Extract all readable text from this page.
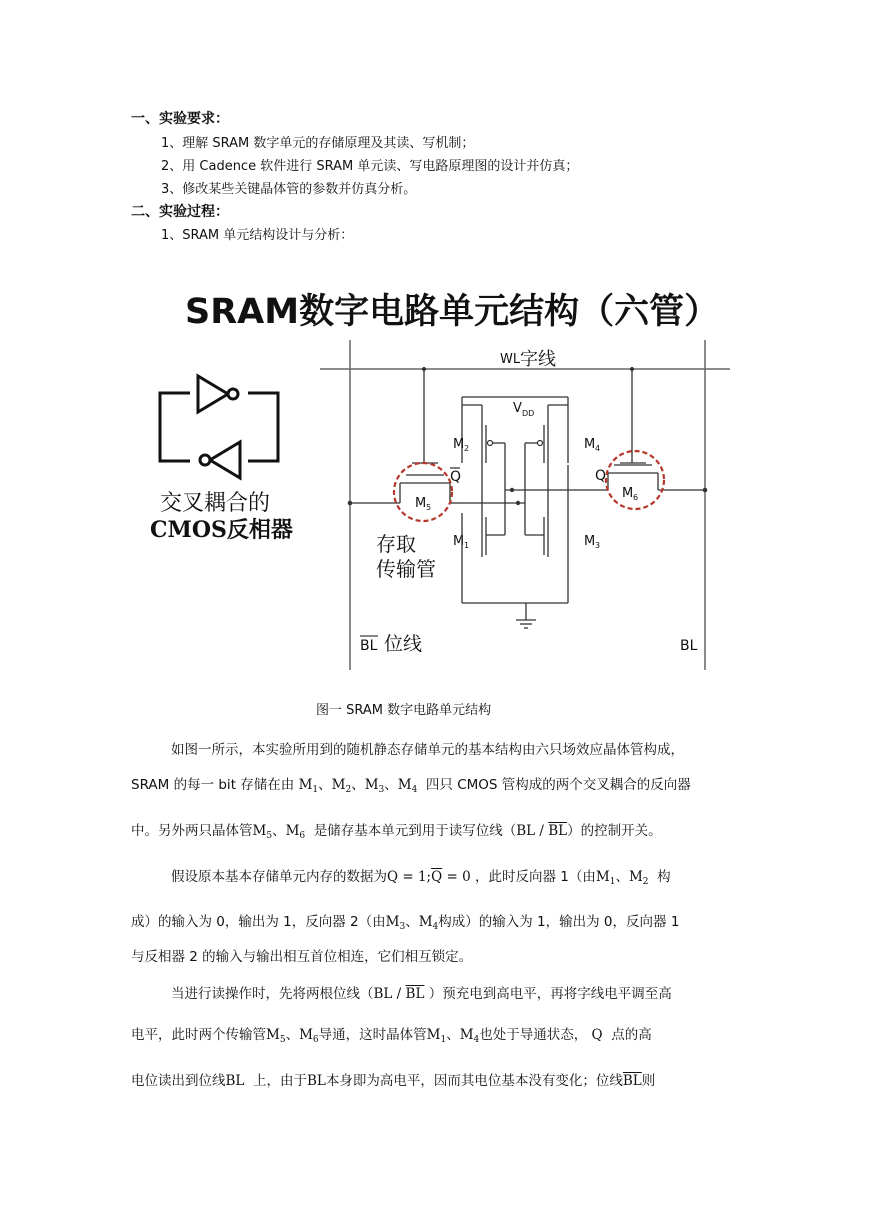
一、实验要求：
1、理解 SRAM 数字单元的存储原理及其读、写机制；
2、用 Cadence 软件进行 SRAM 单元读、写电路原理图的设计并仿真；
3、修改某些关键晶体管的参数并仿真分析。
二、实验过程：
1、SRAM 单元结构设计与分析：
SRAM数字电路单元结构（六管）
WL 字线
V DD
M 2
M 1
M 4
M 3
M 5
Q
M 6
Q
交叉耦合的
CMOS反相器
存取
传输管
BL 位线	BL
图一 SRAM 数字电路单元结构
如图一所示，本实验所用到的随机静态存储单元的基本结构由六只场效应晶体管构成，
SRAM 的每一 bit 存储在由 $M_1$、$M_2$、$M_3$、$M_4$ 四只 CMOS 管构成的两个交叉耦合的反向器
中。另外两只晶体管$M_5$、$M_6$ 是储存基本单元到用于读写位线$(BL / \overline{BL})$的控制开关。
假设原本基本存储单元内存的数据为$Q = 1;\overline{Q} = 0$ ，此时反向器 1（由$M_1$、$M_2$ 构
成）的输入为 0，输出为 1，反向器 2（由$M_3$、$M_4$构成）的输入为 1，输出为 0，反向器 1
与反相器 2 的输入与输出相互首位相连，它们相互锁定。
当进行读操作时，先将两根位线（$BL / \overline{BL}$ ）预充电到高电平，再将字线电平调至高
电平，此时两个传输管$M_5$、$M_6$导通，这时晶体管$M_1$、$M_4$也处于导通状态， Q 点的高
电位读出到位线BL 上，由于BL本身即为高电平，因而其电位基本没有变化；位线$\overline{BL}$则
